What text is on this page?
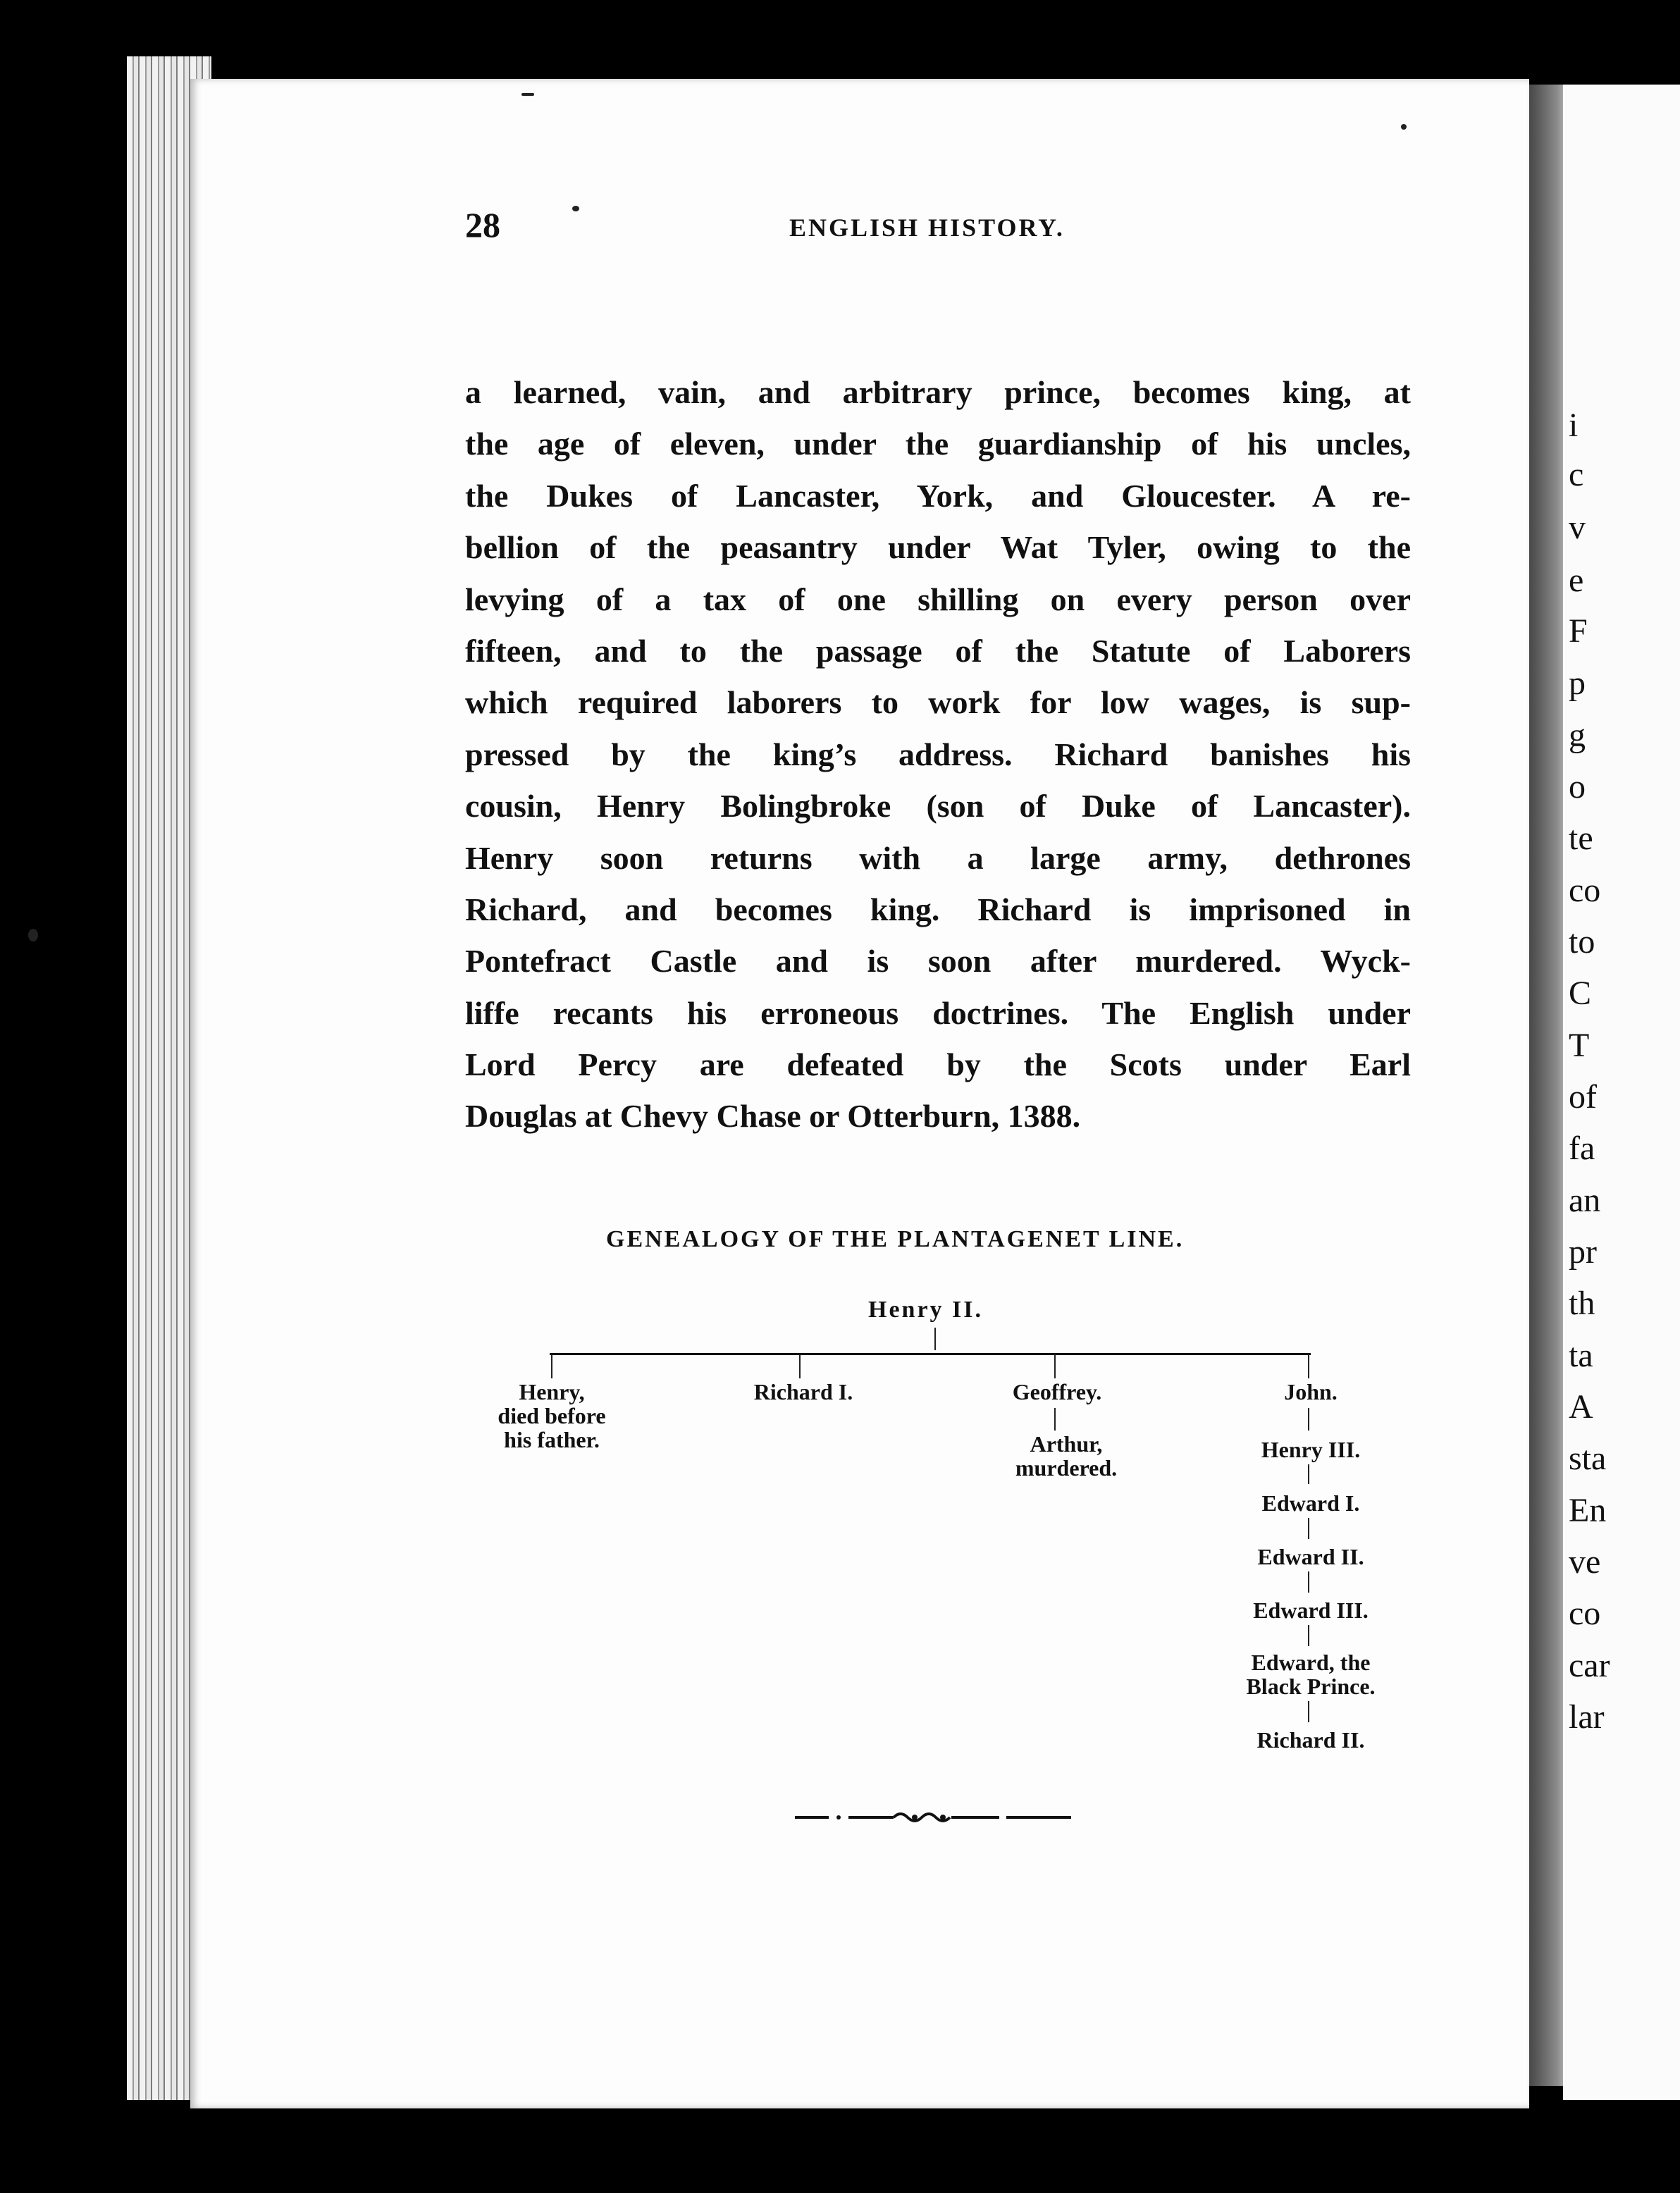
i
c
v
e
F
p
g
o
te
co
to
C
T
of
fa
an
pr
th
ta
A
sta
En
ve
co
car
lar
28	ENGLISH HISTORY.
a learned, vain, and arbitrary prince, becomes king, at
the age of eleven, under the guardianship of his uncles,
the Dukes of Lancaster, York, and Gloucester. A re-
bellion of the peasantry under Wat Tyler, owing to the
levying of a tax of one shilling on every person over
fifteen, and to the passage of the Statute of Laborers
which required laborers to work for low wages, is sup-
pressed by the king’s address. Richard banishes his
cousin, Henry Bolingbroke (son of Duke of Lancaster).
Henry soon returns with a large army, dethrones
Richard, and becomes king. Richard is imprisoned in
Pontefract Castle and is soon after murdered. Wyck-
liffe recants his erroneous doctrines. The English under
Lord Percy are defeated by the Scots under Earl
Douglas at Chevy Chase or Otterburn, 1388.
GENEALOGY OF THE PLANTAGENET LINE.
Henry II.
Henry,
died before
his father.
Richard I.	Geoffrey.
Arthur,
murdered.
John.
Henry III.
Edward I.
Edward II.
Edward III.
Edward, the
Black Prince.
Richard II.
